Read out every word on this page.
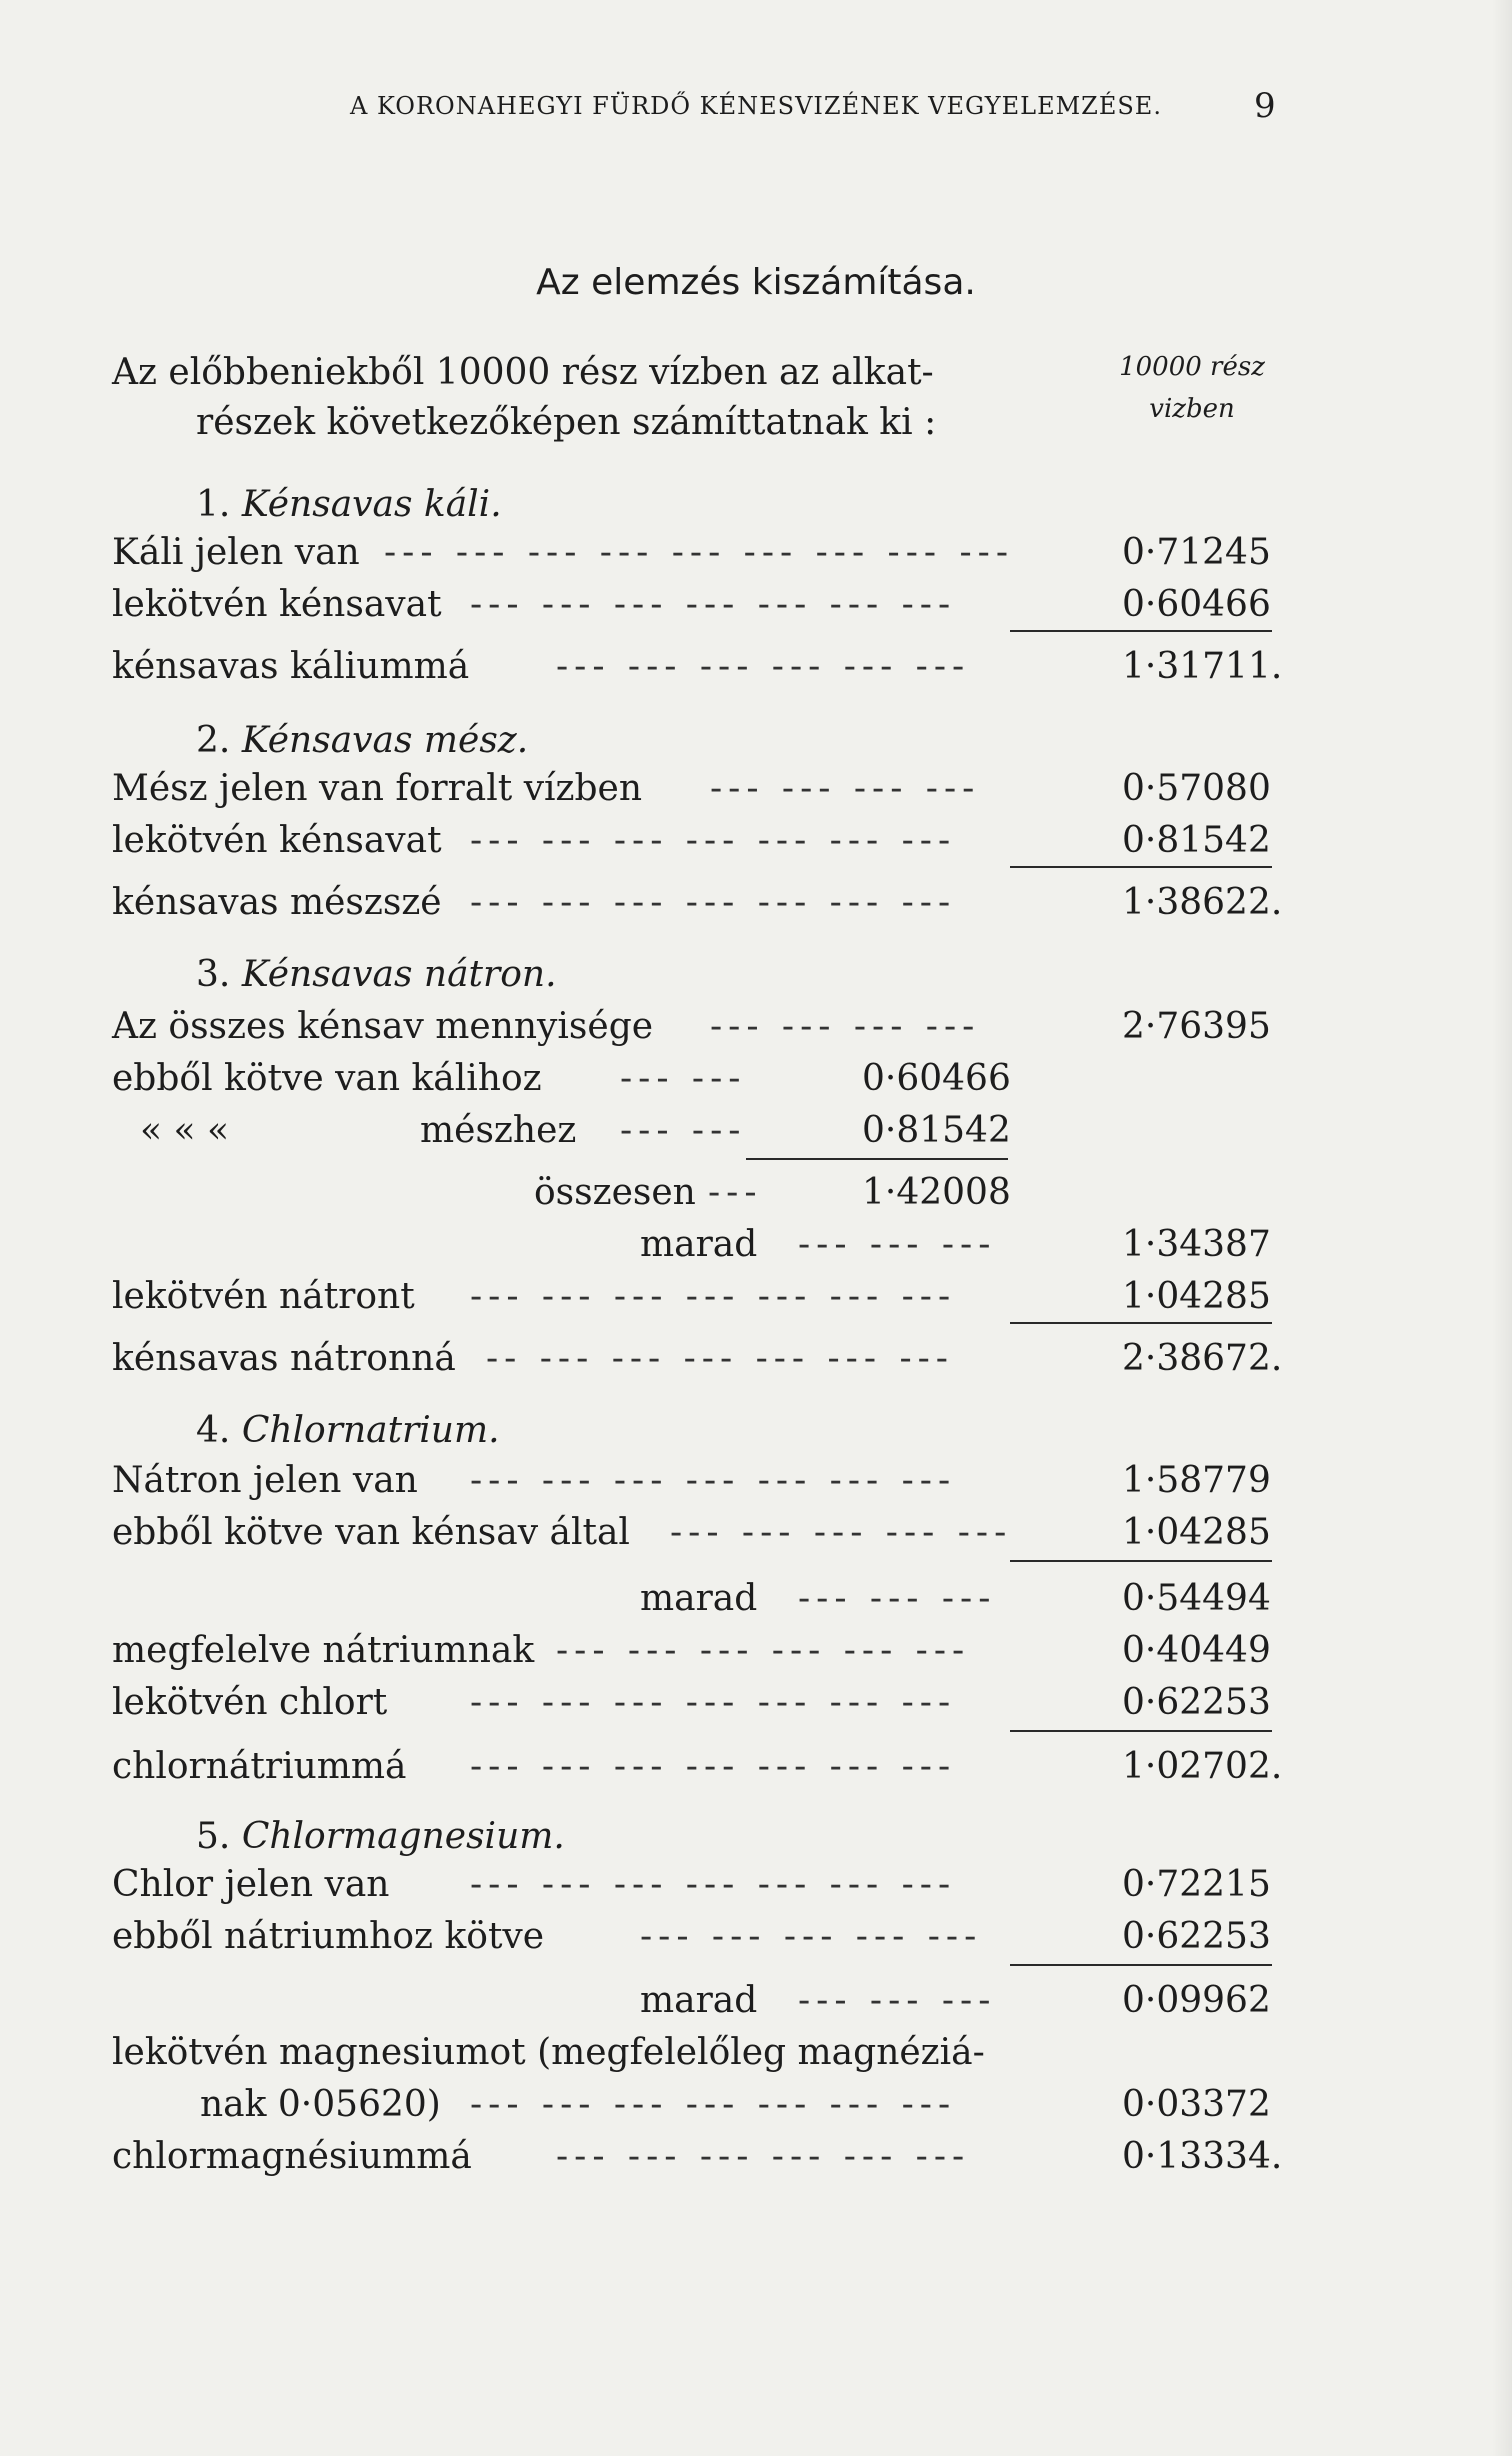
A KORONAHEGYI FÜRDŐ KÉNESVIZÉNEK VEGYELEMZÉSE.	9
Az elemzés kiszámítása.
Az előbbeniekből 10000 rész vízben az alkat-
részek következőképen számíttatnak ki :
10000 rész
vizben
1. Kénsavas káli.
Káli jelen van --- --- --- --- --- --- --- --- ---	0·71245
lekötvén kénsavat --- --- --- --- --- --- ---	0·60466
kénsavas káliummá --- --- --- --- --- ---	1·31711.
2. Kénsavas mész.
Mész jelen van forralt vízben --- --- --- ---	0·57080
lekötvén kénsavat --- --- --- --- --- --- ---	0·81542
kénsavas mészszé --- --- --- --- --- --- ---	1·38622.
3. Kénsavas nátron.
Az összes kénsav mennyisége --- --- --- ---	2·76395
ebből kötve van kálihoz --- ---	0·60466
« « «	mészhez --- ---	0·81542
összesen ---	1·42008
marad --- --- ---	1·34387
lekötvén nátront --- --- --- --- --- --- ---	1·04285
kénsavas nátronná -- --- --- --- --- --- ---	2·38672.
4. Chlornatrium.
Nátron jelen van --- --- --- --- --- --- ---	1·58779
ebből kötve van kénsav által --- --- --- --- ---	1·04285
marad --- --- ---	0·54494
megfelelve nátriumnak --- --- --- --- --- ---	0·40449
lekötvén chlort --- --- --- --- --- --- ---	0·62253
chlornátriummá --- --- --- --- --- --- ---	1·02702.
5. Chlormagnesium.
Chlor jelen van --- --- --- --- --- --- ---	0·72215
ebből nátriumhoz kötve	--- --- --- --- ---	0·62253
marad --- --- ---	0·09962
lekötvén magnesiumot (megfelelőleg magnéziá-
nak 0·05620) --- --- --- --- --- --- ---	0·03372
chlormagnésiummá --- --- --- --- --- ---	0·13334.
